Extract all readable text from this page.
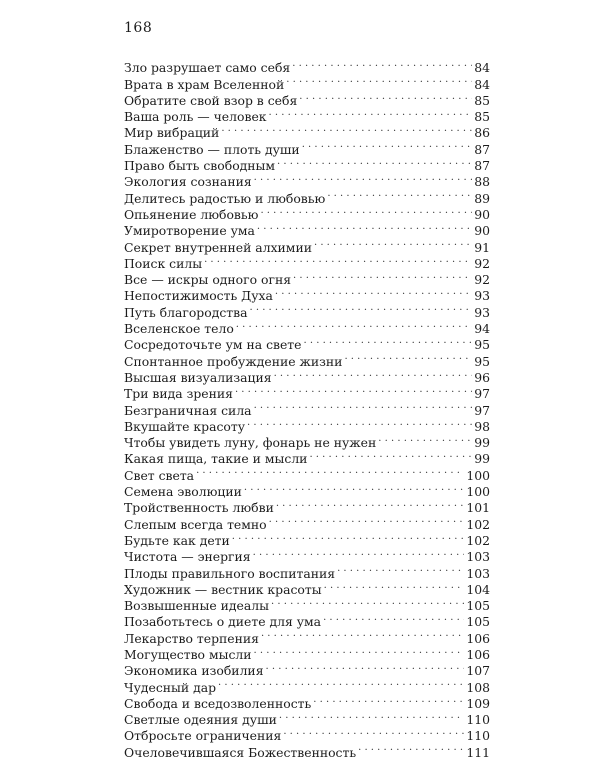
168
Зло разрушает само себя . . .	84
Врата в храм Вселенной . . .	84
Обратите свой взор в себя . . .	85
Ваша роль — человек . . .	85
Мир вибраций . . .	86
Блаженство — плоть души . . .	87
Право быть свободным . . .	87
Экология сознания . . .	88
Делитесь радостью и любовью . . .	89
Опьянение любовью . . .	90
Умиротворение ума . . .	90
Секрет внутренней алхимии . . .	91
Поиск силы . . .	92
Все — искры одного огня . . .	92
Непостижимость Духа . . .	93
Путь благородства . . .	93
Вселенское тело . . .	94
Сосредоточьте ум на свете . . .	95
Спонтанное пробуждение жизни . . .	95
Высшая визуализация . . .	96
Три вида зрения . . .	97
Безграничная сила . . .	97
Вкушайте красоту . . .	98
Чтобы увидеть луну, фонарь не нужен . . .	99
Какая пища, такие и мысли . . .	99
Свет света . . .	100
Семена эволюции . . .	100
Тройственность любви . . .	101
Слепым всегда темно . . .	102
Будьте как дети . . .	102
Чистота — энергия . . .	103
Плоды правильного воспитания . . .	103
Художник — вестник красоты . . .	104
Возвышенные идеалы . . .	105
Позаботьтесь о диете для ума . . .	105
Лекарство терпения . . .	106
Могущество мысли . . .	106
Экономика изобилия . . .	107
Чудесный дар . . .	108
Свобода и вседозволенность . . .	109
Светлые одеяния души . . .	110
Отбросьте ограничения . . .	110
Очеловечившаяся Божественность . . .	111
